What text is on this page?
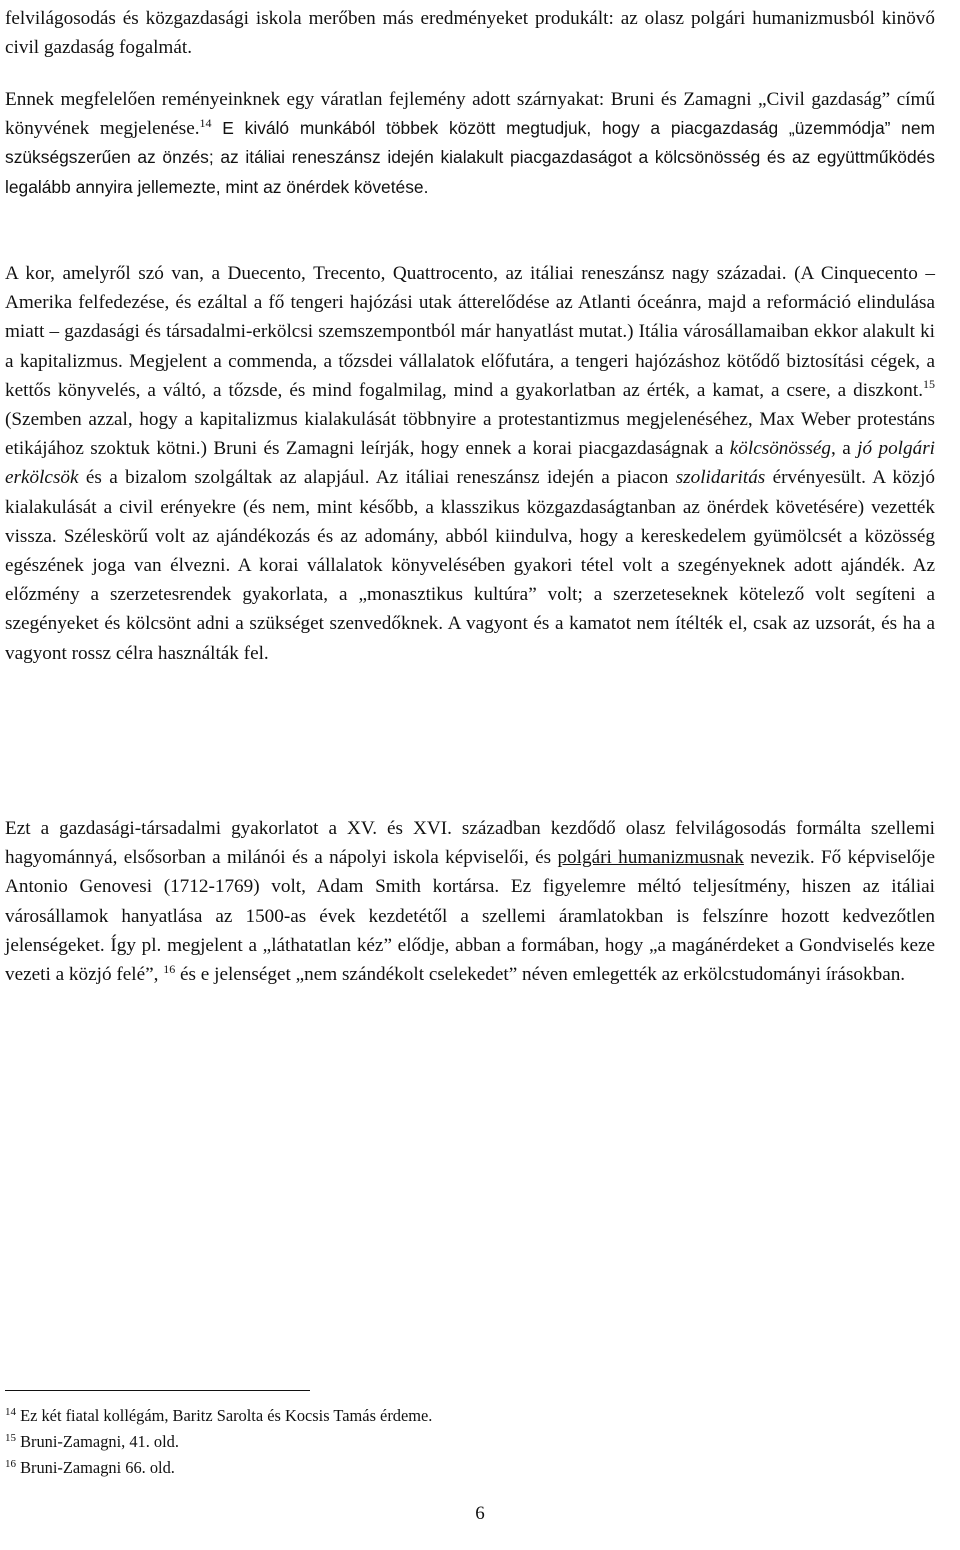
felvilágosodás és közgazdasági iskola merőben más eredményeket produkált: az olasz polgári humanizmusból kinövő civil gazdaság fogalmát.

Ennek megfelelően reményeinknek egy váratlan fejlemény adott szárnyakat: Bruni és Zamagni „Civil gazdaság” című könyvének megjelenése.$^{14}$ E kiváló munkából többek között megtudjuk, hogy a piacgazdaság „üzemmódja” nem szükségszerűen az önzés; az itáliai reneszánsz idején kialakult piacgazdaságot a kölcsönösség és az együttműködés legalább annyira jellemezte, mint az önérdek követése.

A kor, amelyről szó van, a Duecento, Trecento, Quattrocento, az itáliai reneszánsz nagy századai. (A Cinquecento – Amerika felfedezése, és ezáltal a fő tengeri hajózási utak átterelődése az Atlanti óceánra, majd a reformáció elindulása miatt – gazdasági és társadalmi-erkölcsi szemszempontból már hanyatlást mutat.) Itália városállamaiban ekkor alakult ki a kapitalizmus. Megjelent a commenda, a tőzsdei vállalatok előfutára, a tengeri hajózáshoz kötődő biztosítási cégek, a kettős könyvelés, a váltó, a tőzsde, és mind fogalmilag, mind a gyakorlatban az érték, a kamat, a csere, a diszkont.$^{15}$ (Szemben azzal, hogy a kapitalizmus kialakulását többnyire a protestantizmus megjelenéséhez, Max Weber protestáns etikájához szoktuk kötni.) Bruni és Zamagni leírják, hogy ennek a korai piacgazdaságnak a kölcsönösség, a jó polgári erkölcsök és a bizalom szolgáltak az alapjául. Az itáliai reneszánsz idején a piacon szolidaritás érvényesült. A közjó kialakulását a civil erényekre (és nem, mint később, a klasszikus közgazdaságtanban az önérdek követésére) vezették vissza. Széleskörű volt az ajándékozás és az adomány, abból kiindulva, hogy a kereskedelem gyümölcsét a közösség egészének joga van élvezni. A korai vállalatok könyvelésében gyakori tétel volt a szegényeknek adott ajándék. Az előzmény a szerzetesrendek gyakorlata, a „monasztikus kultúra” volt; a szerzeteseknek kötelező volt segíteni a szegényeket és kölcsönt adni a szükséget szenvedőknek. A vagyont és a kamatot nem ítélték el, csak az uzsorát, és ha a vagyont rossz célra használták fel.

Ezt a gazdasági-társadalmi gyakorlatot a XV. és XVI. században kezdődő olasz felvilágosodás formálta szellemi hagyománnyá, elsősorban a milánói és a nápolyi iskola képviselői, és polgári humanizmusnak nevezik. Fő képviselője Antonio Genovesi (1712-1769) volt, Adam Smith kortársa. Ez figyelemre méltó teljesítmény, hiszen az itáliai városállamok hanyatlása az 1500-as évek kezdetétől a szellemi áramlatokban is felszínre hozott kedvezőtlen jelenségeket. Így pl. megjelent a „láthatatlan kéz” elődje, abban a formában, hogy „a magánérdeket a Gondviselés keze vezeti a közjó felé”, $^{16}$ és e jelenséget „nem szándékolt cselekedet” néven emlegették az erkölcstudományi írásokban.

$^{14}$ Ez két fiatal kollégám, Baritz Sarolta és Kocsis Tamás érdeme.

$^{15}$ Bruni-Zamagni, 41. old.

$^{16}$ Bruni-Zamagni 66. old.

6
